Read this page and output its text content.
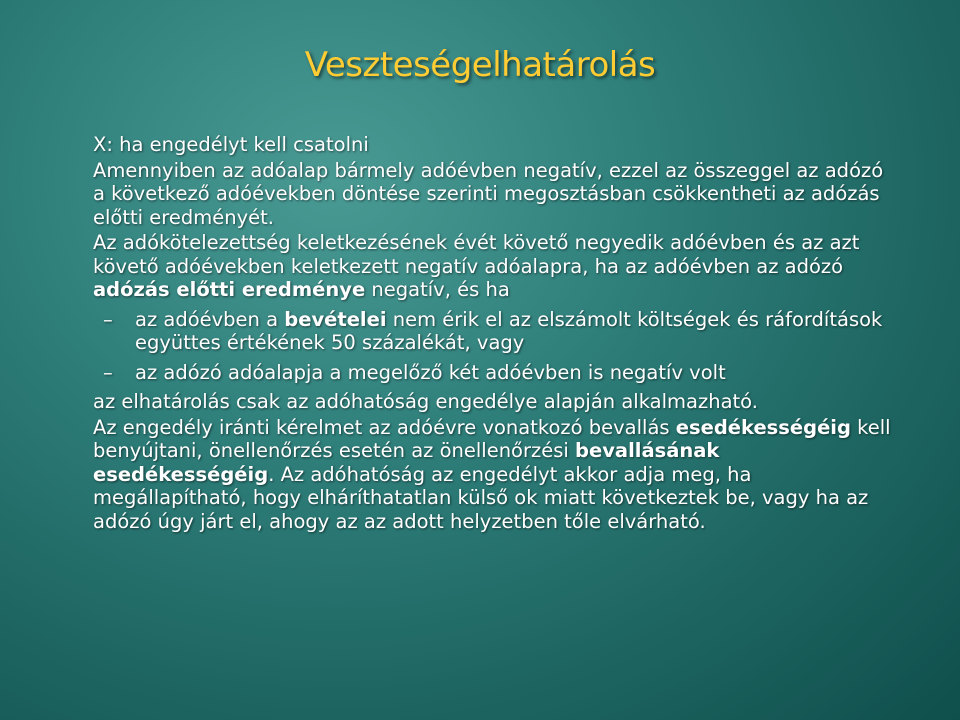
Veszteségelhatárolás

X: ha engedélyt kell csatolni

Amennyiben az adóalap bármely adóévben negatív, ezzel az összeggel az adózó a következő adóévekben döntése szerinti megosztásban csökkentheti az adózás előtti eredményét.

Az adókötelezettség keletkezésének évét követő negyedik adóévben és az azt követő adóévekben keletkezett negatív adóalapra, ha az adóévben az adózó adózás előtti eredménye negatív, és ha

–	az adóévben a bevételei nem érik el az elszámolt költségek és ráfordítások együttes értékének 50 százalékát, vagy
–	az adózó adóalapja a megelőző két adóévben is negatív volt

az elhatárolás csak az adóhatóság engedélye alapján alkalmazható.

Az engedély iránti kérelmet az adóévre vonatkozó bevallás esedékességéig kell benyújtani, önellenőrzés esetén az önellenőrzési bevallásának esedékességéig. Az adóhatóság az engedélyt akkor adja meg, ha megállapítható, hogy elháríthatatlan külső ok miatt következtek be, vagy ha az adózó úgy járt el, ahogy az az adott helyzetben tőle elvárható.
